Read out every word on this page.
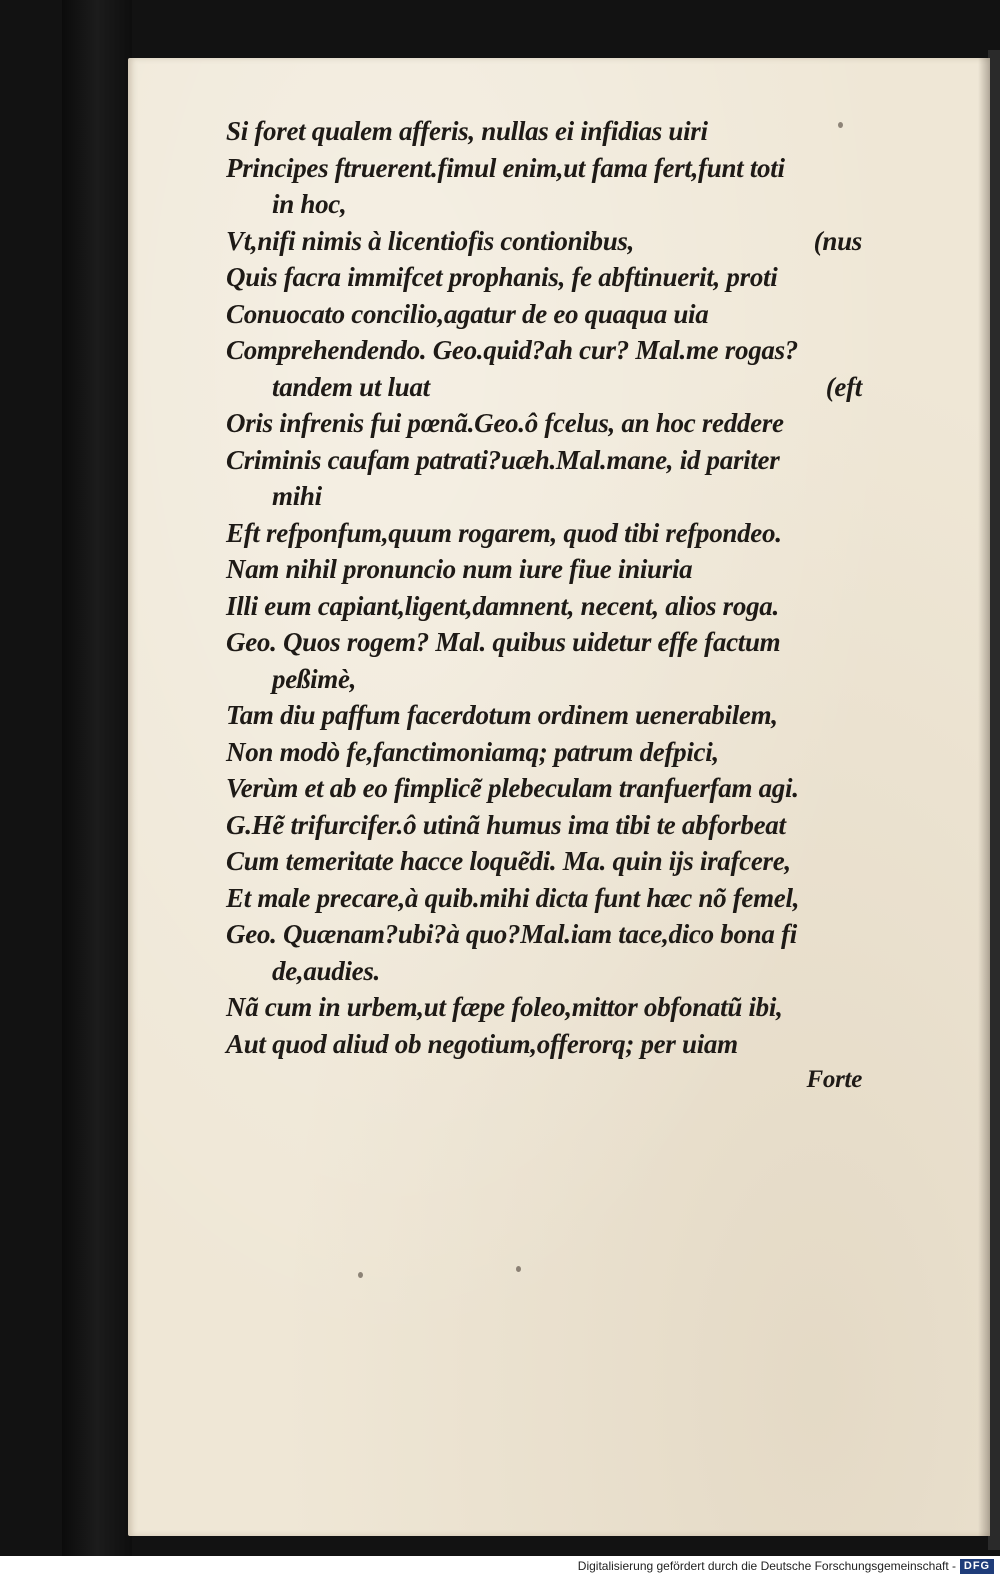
Si foret qualem afferis, nullas ei infidias uiri
Principes ftruerent.fimul enim,ut fama fert,funt toti
in hoc,
Vt,nifi nimis à licentiofis contionibus,	(nus
Quis facra immifcet prophanis, fe abftinuerit, proti
Conuocato concilio,agatur de eo quaqua uia
Comprehendendo. Geo.quid?ah cur? Mal.me rogas?
tandem ut luat	(eft
Oris infrenis fui pœnã.Geo.ô fcelus, an hoc reddere
Criminis caufam patrati?uæh.Mal.mane, id pariter
mihi
Eft refponfum,quum rogarem, quod tibi refpondeo.
Nam nihil pronuncio num iure fiue iniuria
Illi eum capiant,ligent,damnent, necent, alios roga.
Geo. Quos rogem? Mal. quibus uidetur effe factum
peßimè,
Tam diu paffum facerdotum ordinem uenerabilem,
Non modò fe,fanctimoniamq; patrum defpici,
Verùm et ab eo fimplicẽ plebeculam tranfuerfam agi.
G.Hẽ trifurcifer.ô utinã humus ima tibi te abforbeat
Cum temeritate hacce loquẽdi. Ma. quin ijs irafcere,
Et male precare,à quib.mihi dicta funt hæc nõ femel,
Geo. Quænam?ubi?à quo?Mal.iam tace,dico bona fi
de,audies.
Nã cum in urbem,ut fæpe foleo,mittor obfonatũ ibi,
Aut quod aliud ob negotium,offerorq; per uiam
Forte
Digitalisierung gefördert durch die Deutsche Forschungsgemeinschaft - DFG
